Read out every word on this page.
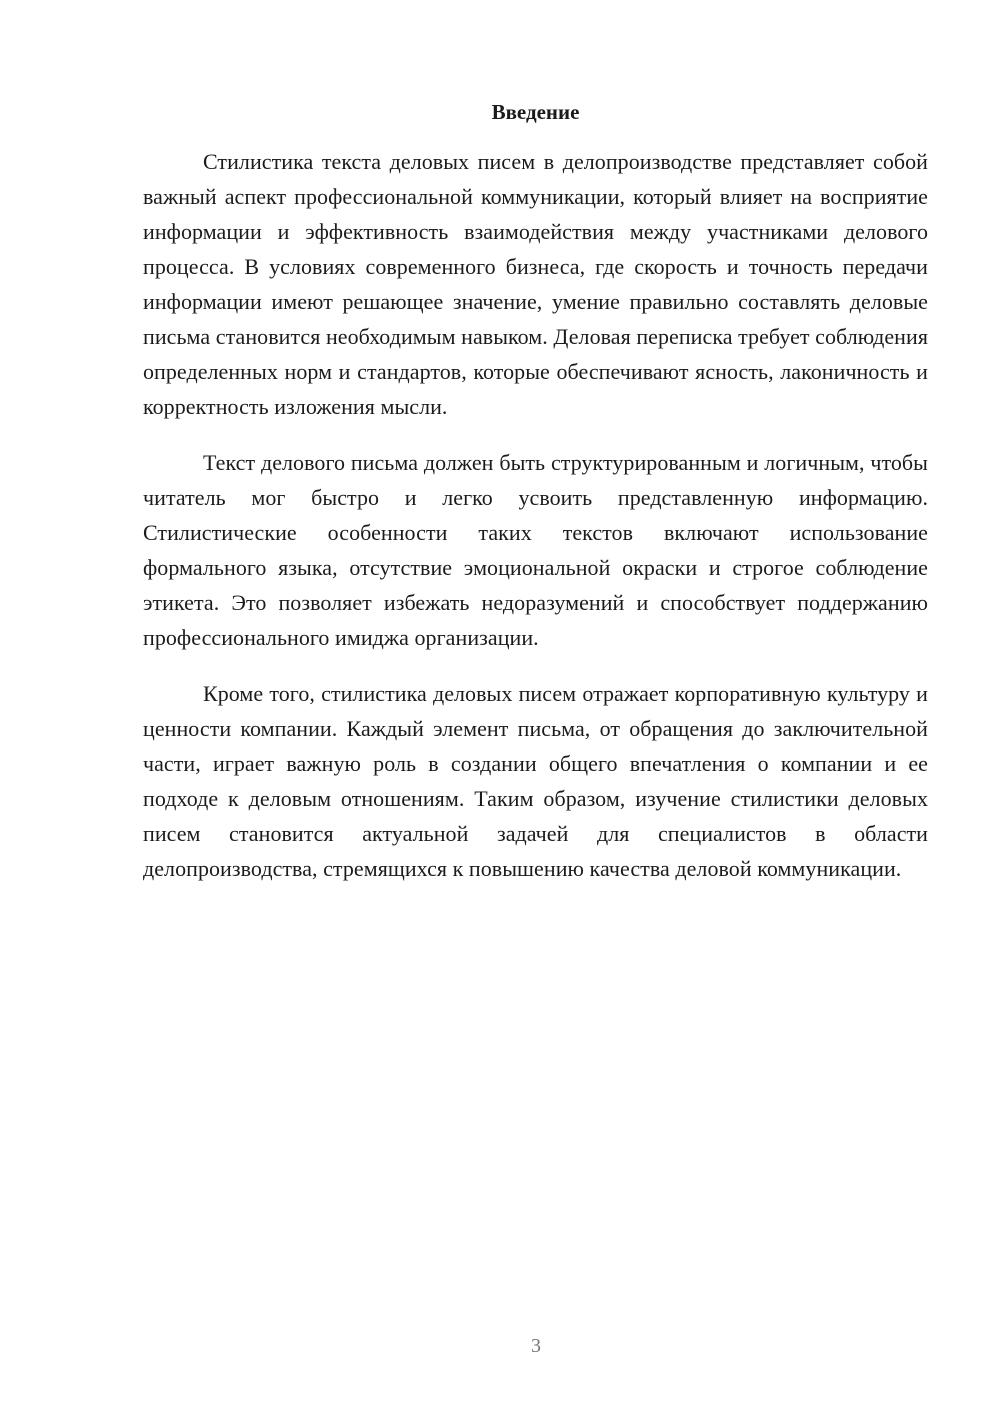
Введение

Стилистика текста деловых писем в делопроизводстве представляет собой важный аспект профессиональной коммуникации, который влияет на восприятие информации и эффективность взаимодействия между участниками делового процесса. В условиях современного бизнеса, где скорость и точность передачи информации имеют решающее значение, умение правильно составлять деловые письма становится необходимым навыком. Деловая переписка требует соблюдения определенных норм и стандартов, которые обеспечивают ясность, лаконичность и корректность изложения мысли.

Текст делового письма должен быть структурированным и логичным, чтобы читатель мог быстро и легко усвоить представленную информацию. Стилистические особенности таких текстов включают использование формального языка, отсутствие эмоциональной окраски и строгое соблюдение этикета. Это позволяет избежать недоразумений и способствует поддержанию профессионального имиджа организации.

Кроме того, стилистика деловых писем отражает корпоративную культуру и ценности компании. Каждый элемент письма, от обращения до заключительной части, играет важную роль в создании общего впечатления о компании и ее подходе к деловым отношениям. Таким образом, изучение стилистики деловых писем становится актуальной задачей для специалистов в области делопроизводства, стремящихся к повышению качества деловой коммуникации.

3
